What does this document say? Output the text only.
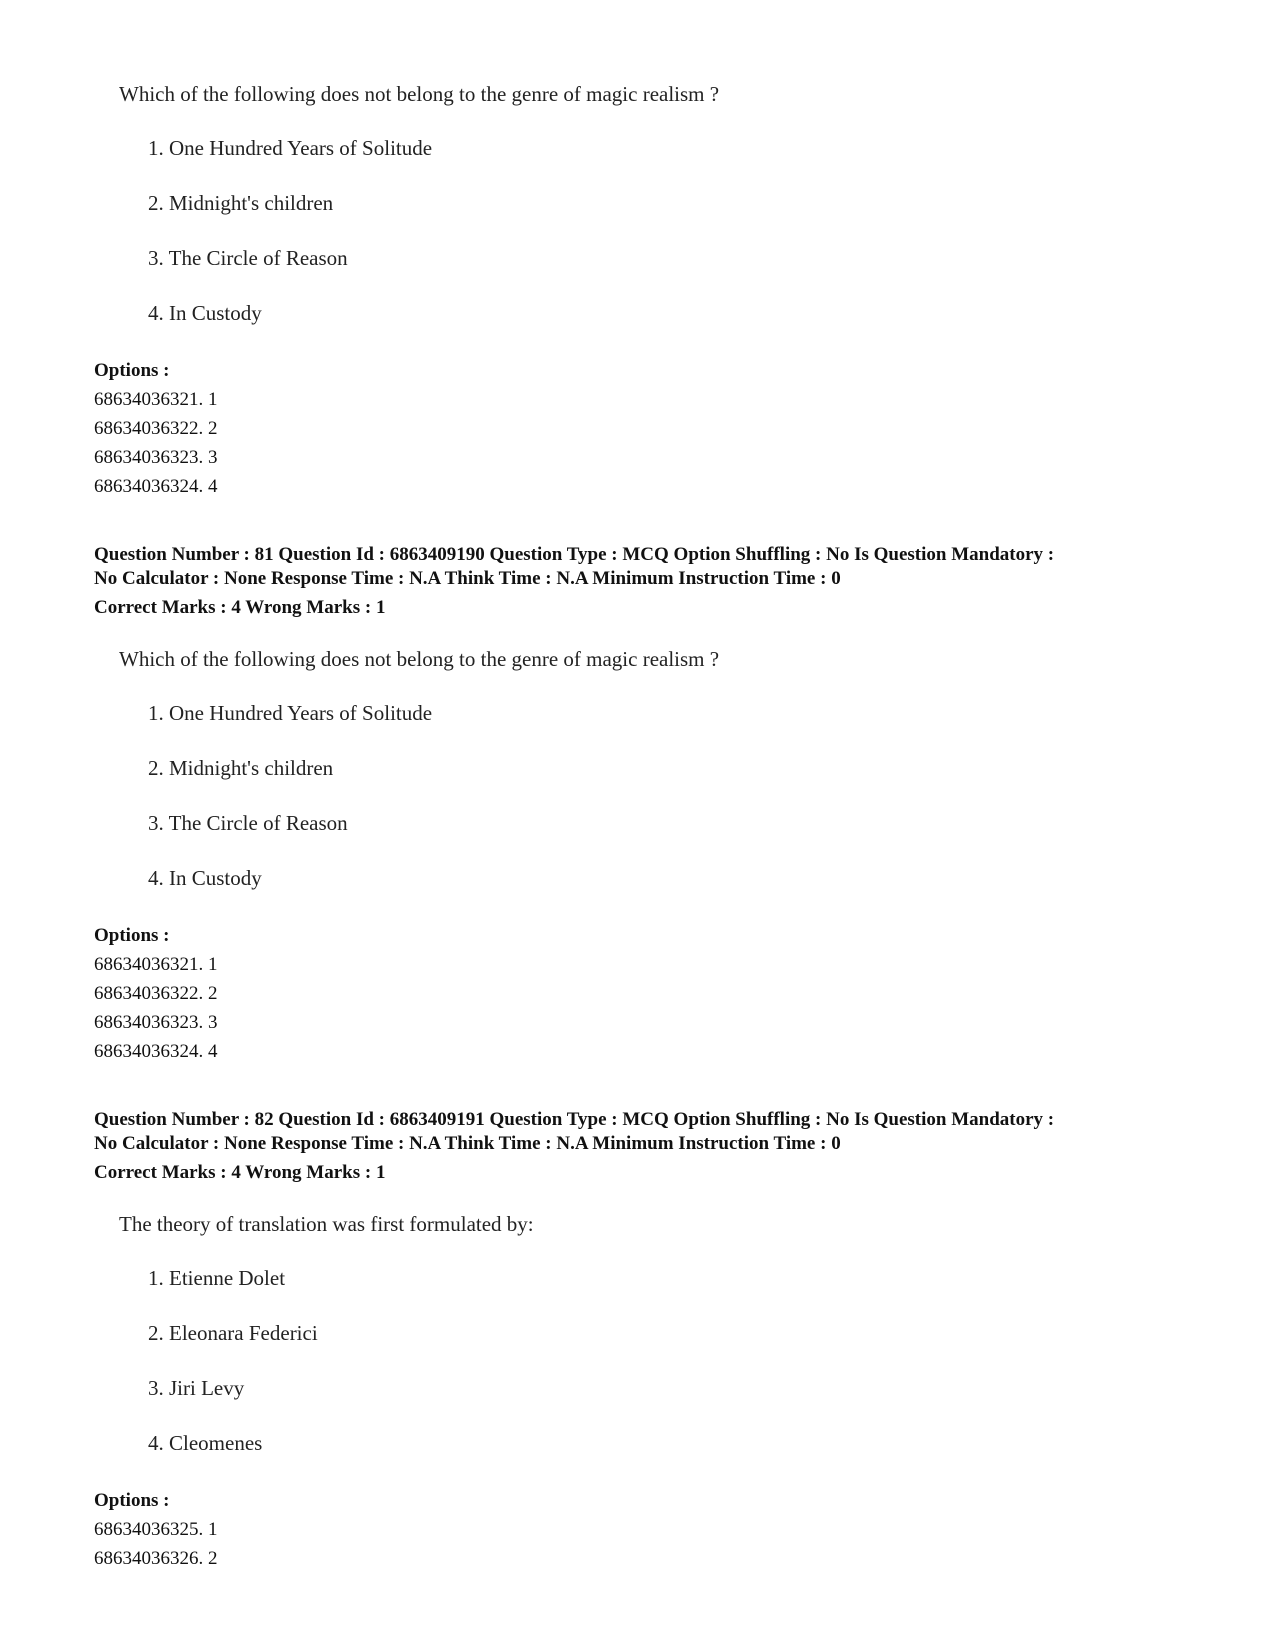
Which of the following does not belong to the genre of magic realism ?

1. One Hundred Years of Solitude

2. Midnight's children

3. The Circle of Reason

4. In Custody

Options :

68634036321. 1

68634036322. 2

68634036323. 3

68634036324. 4

Question Number : 81 Question Id : 6863409190 Question Type : MCQ Option Shuffling : No Is Question Mandatory :

No Calculator : None Response Time : N.A Think Time : N.A Minimum Instruction Time : 0

Correct Marks : 4 Wrong Marks : 1

Which of the following does not belong to the genre of magic realism ?

1. One Hundred Years of Solitude

2. Midnight's children

3. The Circle of Reason

4. In Custody

Options :

68634036321. 1

68634036322. 2

68634036323. 3

68634036324. 4

Question Number : 82 Question Id : 6863409191 Question Type : MCQ Option Shuffling : No Is Question Mandatory :

No Calculator : None Response Time : N.A Think Time : N.A Minimum Instruction Time : 0

Correct Marks : 4 Wrong Marks : 1

The theory of translation was first formulated by:

1. Etienne Dolet

2. Eleonara Federici

3. Jiri Levy

4. Cleomenes

Options :

68634036325. 1

68634036326. 2
